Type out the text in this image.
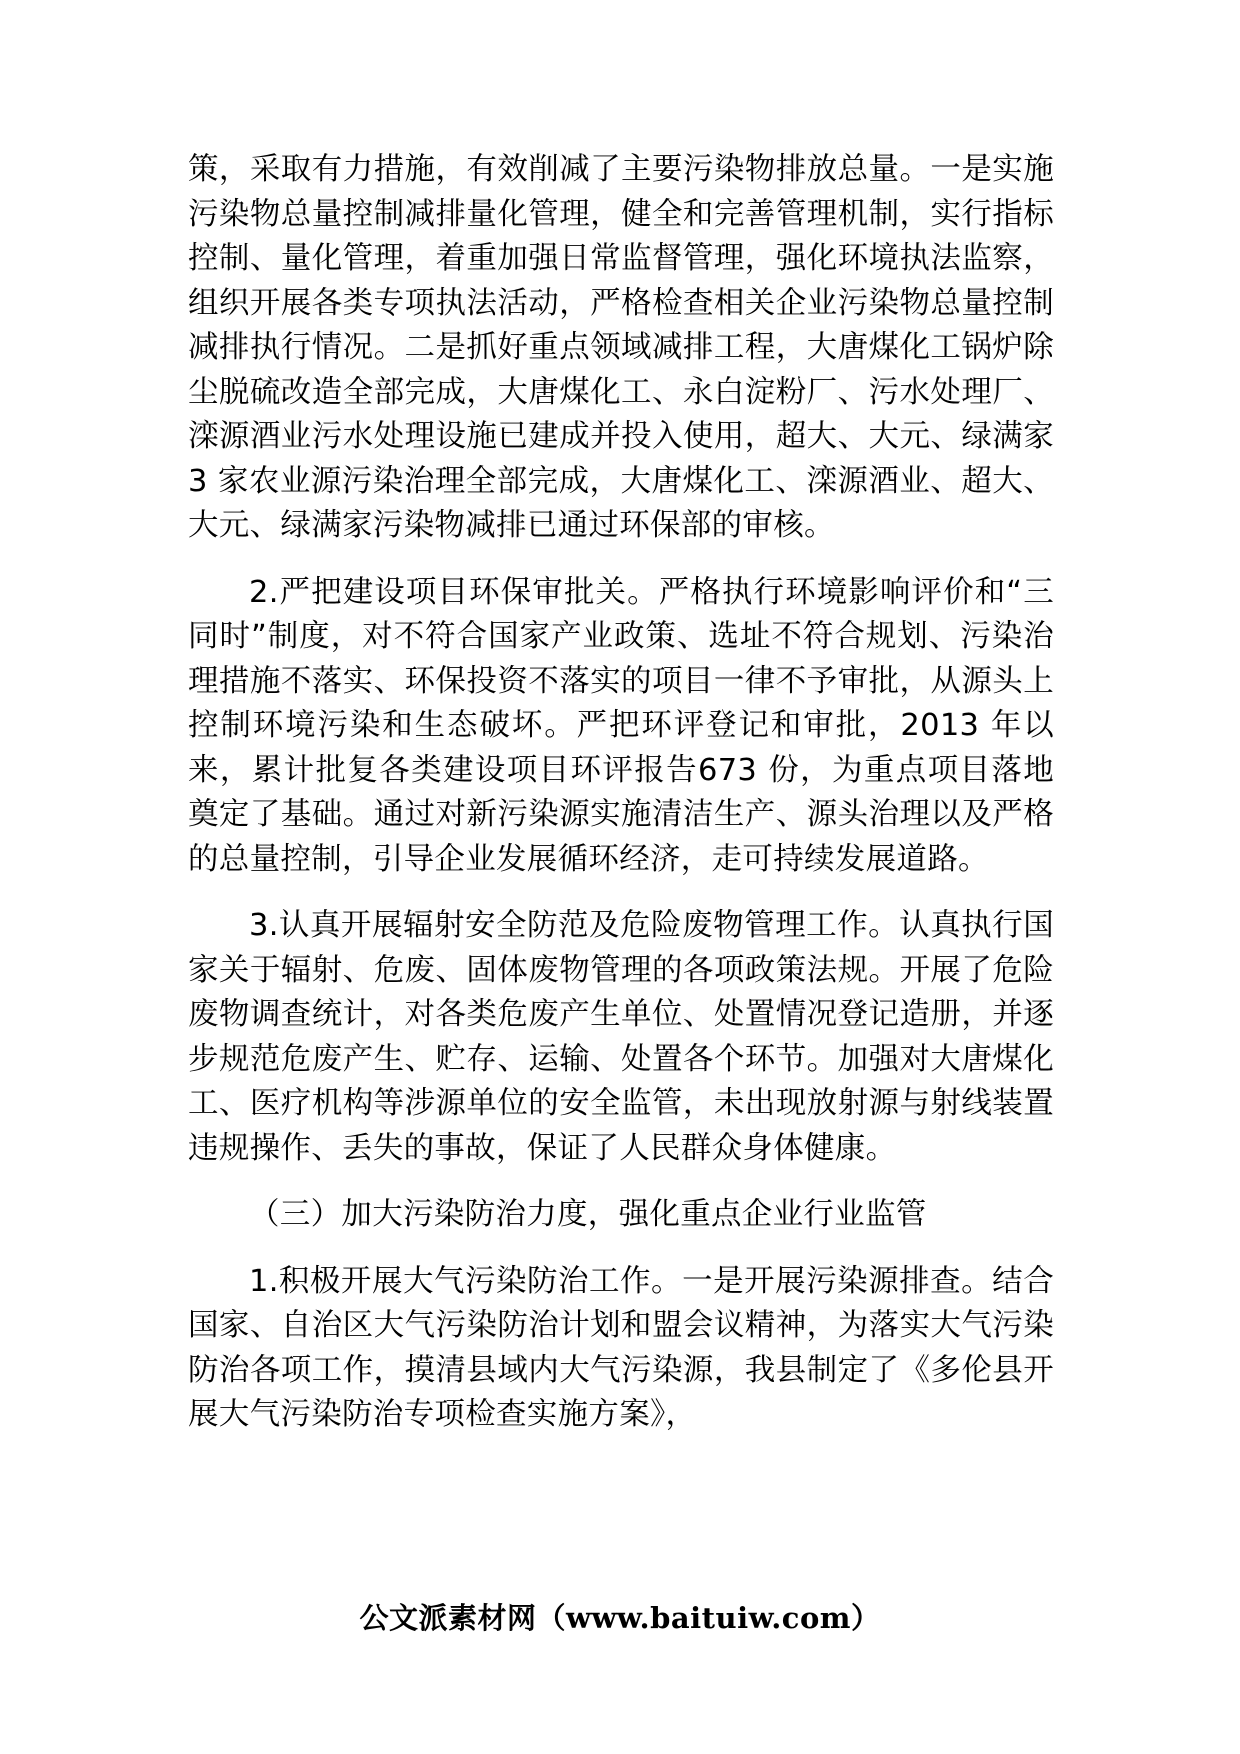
策，采取有力措施，有效削减了主要污染物排放总量。一是实施污染物总量控制减排量化管理，健全和完善管理机制，实行指标控制、量化管理，着重加强日常监督管理，强化环境执法监察，组织开展各类专项执法活动，严格检查相关企业污染物总量控制减排执行情况。二是抓好重点领域减排工程，大唐煤化工锅炉除尘脱硫改造全部完成，大唐煤化工、永白淀粉厂、污水处理厂、滦源酒业污水处理设施已建成并投入使用，超大、大元、绿满家 3 家农业源污染治理全部完成，大唐煤化工、滦源酒业、超大、大元、绿满家污染物减排已通过环保部的审核。

2.严把建设项目环保审批关。严格执行环境影响评价和“三同时”制度，对不符合国家产业政策、选址不符合规划、污染治理措施不落实、环保投资不落实的项目一律不予审批，从源头上控制环境污染和生态破坏。严把环评登记和审批，2013 年以来，累计批复各类建设项目环评报告673 份，为重点项目落地奠定了基础。通过对新污染源实施清洁生产、源头治理以及严格的总量控制，引导企业发展循环经济，走可持续发展道路。

3.认真开展辐射安全防范及危险废物管理工作。认真执行国家关于辐射、危废、固体废物管理的各项政策法规。开展了危险废物调查统计，对各类危废产生单位、处置情况登记造册，并逐步规范危废产生、贮存、运输、处置各个环节。加强对大唐煤化工、医疗机构等涉源单位的安全监管，未出现放射源与射线装置违规操作、丢失的事故，保证了人民群众身体健康。

（三）加大污染防治力度，强化重点企业行业监管

1.积极开展大气污染防治工作。一是开展污染源排查。结合国家、自治区大气污染防治计划和盟会议精神，为落实大气污染防治各项工作，摸清县域内大气污染源，我县制定了《多伦县开展大气污染防治专项检查实施方案》，

公文派素材网（www.baituiw.com）
